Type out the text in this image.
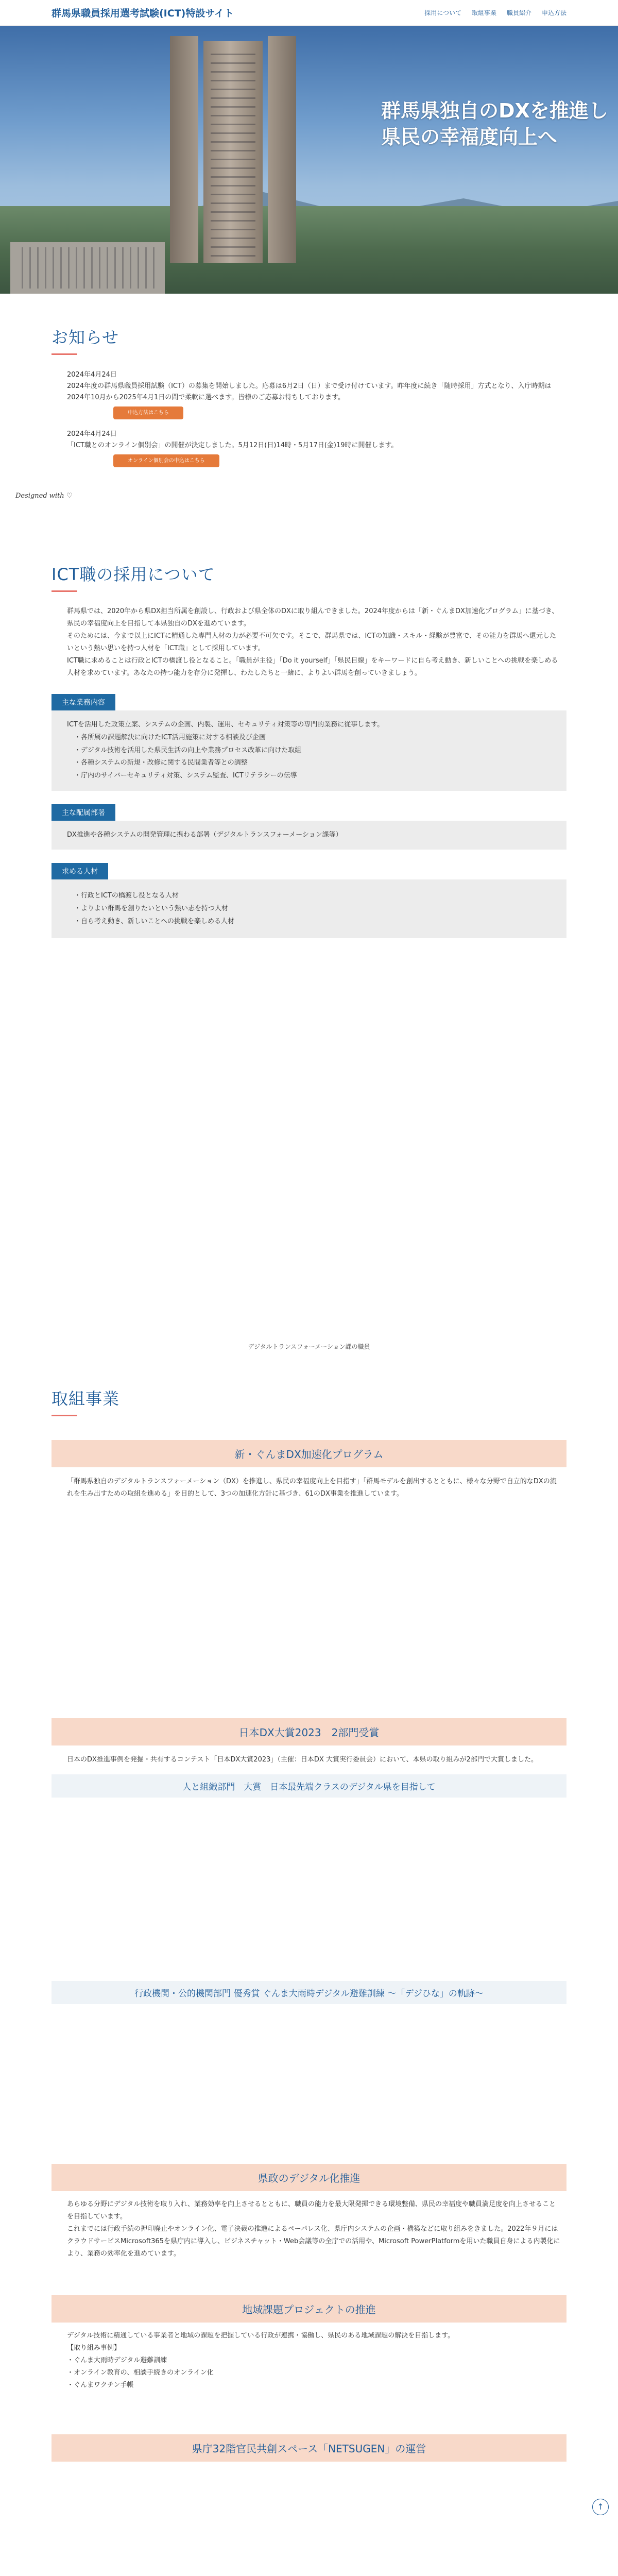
群馬県職員採用選考試験(ICT)特設サイト	採用について 取組事業 職員紹介 申込方法
群馬県独自のDXを推進し
県民の幸福度向上へ
お知らせ
2024年4月24日
2024年度の群馬県職員採用試験（ICT）の募集を開始しました。応募は6月2日（日）まで受け付けています。昨年度に続き「随時採用」方式となり、入庁時期は2024年10月から2025年4月1日の間で柔軟に選べます。皆様のご応募お待ちしております。
申込方法はこちら
2024年4月24日
「ICT職とのオンライン個別会」の開催が決定しました。5月12日(日)14時・5月17日(金)19時に開催します。
オンライン個別会の申込はこちら
Designed with ♡
ICT職の採用について

群馬県では、2020年から県DX担当所属を創設し、行政および県全体のDXに取り組んできました。2024年度からは「新・ぐんまDX加速化プログラム」に基づき、県民の幸福度向上を目指して本県独自のDXを進めています。

そのためには、今まで以上にICTに精通した専門人材の力が必要不可欠です。そこで、群馬県では、ICTの知識・スキル・経験が豊富で、その能力を群馬へ還元したいという熱い思いを持つ人材を「ICT職」として採用しています。

ICT職に求めることは行政とICTの橋渡し役となること。「職員が主役」「Do it yourself」「県民目線」をキーワードに自ら考え動き、新しいことへの挑戦を楽しめる人材を求めています。あなたの持つ能力を存分に発揮し、わたしたちと一緒に、よりよい群馬を創っていきましょう。

主な業務内容

ICTを活用した政策立案、システムの企画、内製、運用、セキュリティ対策等の専門的業務に従事します。

・ 各所属の課題解決に向けたICT活用施策に対する相談及び企画
・ デジタル技術を活用した県民生活の向上や業務プロセス改革に向けた取組
・ 各種システムの新規・改修に関する民間業者等との調整
・ 庁内のサイバーセキュリティ対策、システム監査、ICTリテラシーの伝導
主な配属部署
DX推進や各種システムの開発管理に携わる部署（デジタルトランスフォーメーション課等）
求める人材
・ 行政とICTの橋渡し役となる人材
・ よりよい群馬を創りたいという熱い志を持つ人材
・ 自ら考え動き、新しいことへの挑戦を楽しめる人材
デジタルトランスフォーメーション課の職員
取組事業
新・ぐんまDX加速化プログラム

「群馬県独自のデジタルトランスフォーメーション（DX）を推進し、県民の幸福度向上を目指す」「群馬モデルを創出するとともに、様々な分野で自立的なDXの流れを生み出すための取組を進める」を目的として、3つの加速化方針に基づき、61のDX事業を推進しています。

日本DX大賞2023　2部門受賞

日本のDX推進事例を発掘・共有するコンテスト「日本DX大賞2023」（主催：日本DX 大賞実行委員会）において、本県の取り組みが2部門で大賞しました。

人と組織部門　大賞　日本最先端クラスのデジタル県を目指して
行政機関・公的機関部門 優秀賞 ぐんま大雨時デジタル避難訓練 ～「デジひな」の軌跡～
県政のデジタル化推進

あらゆる分野にデジタル技術を取り入れ、業務効率を向上させるとともに、職員の能力を最大限発揮できる環境整備、県民の幸福度や職員満足度を向上させることを目指しています。

これまでには行政手続の押印廃止やオンライン化、電子決裁の推進によるペーパレス化、県庁内システムの企画・構築などに取り組みをきました。2022年９月にはクラウドサービスMicrosoft365を県庁内に導入し、ビジネスチャット・Web会議等の全庁での活用や、Microsoft PowerPlatformを用いた職員自身による内製化により、業務の効率化を進めています。

地域課題プロジェクトの推進

デジタル技術に精通している事業者と地域の課題を把握している行政が連携・協働し、県民のある地域課題の解決を目指します。

【取り組み事例】

・ぐんま大雨時デジタル避難訓練

・オンライン教育の、相談手続きのオンライン化

・ぐんまワクチン手帳

県庁32階官民共創スペース「NETSUGEN」の運営

↑
